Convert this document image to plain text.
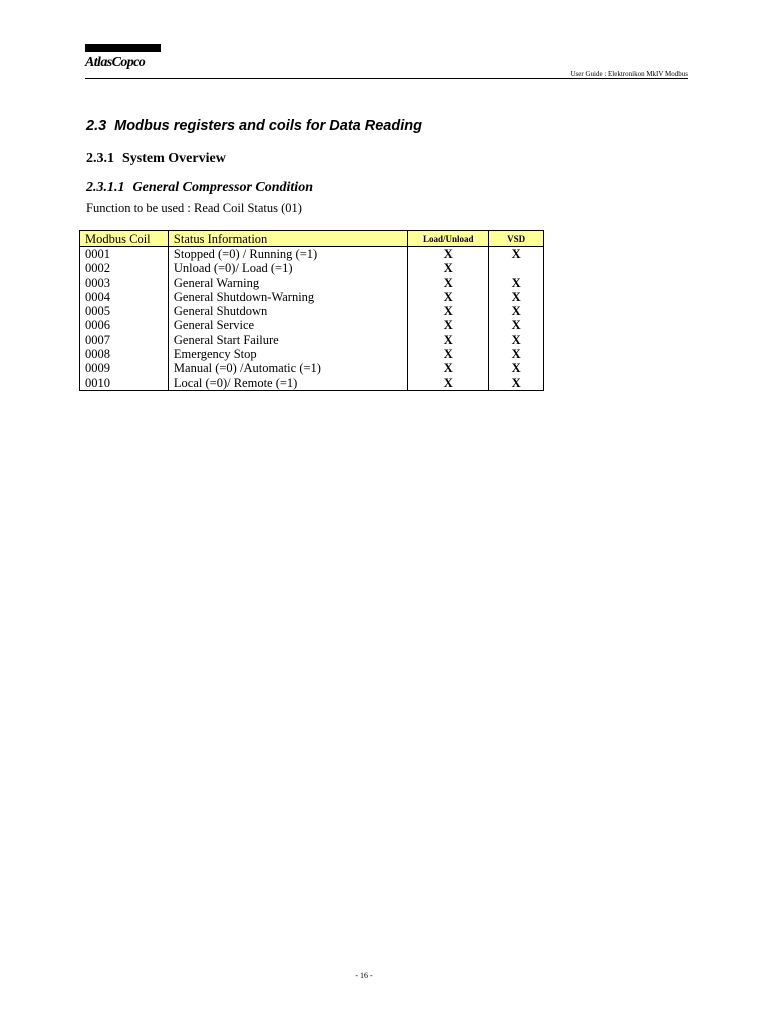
AtlasCopco
User Guide : Elektronikon MkIV Modbus
2.3 Modbus registers and coils for Data Reading
2.3.1 System Overview
2.3.1.1 General Compressor Condition
Function to be used : Read Coil Status (01)
Modbus Coil	Status Information	Load/Unload	VSD
0001	Stopped (=0) / Running (=1)	X	X
0002	Unload (=0)/ Load (=1)	X	
0003	General Warning	X	X
0004	General Shutdown-Warning	X	X
0005	General Shutdown	X	X
0006	General Service	X	X
0007	General Start Failure	X	X
0008	Emergency Stop	X	X
0009	Manual (=0) /Automatic (=1)	X	X
0010	Local (=0)/ Remote (=1)	X	X
- 16 -
